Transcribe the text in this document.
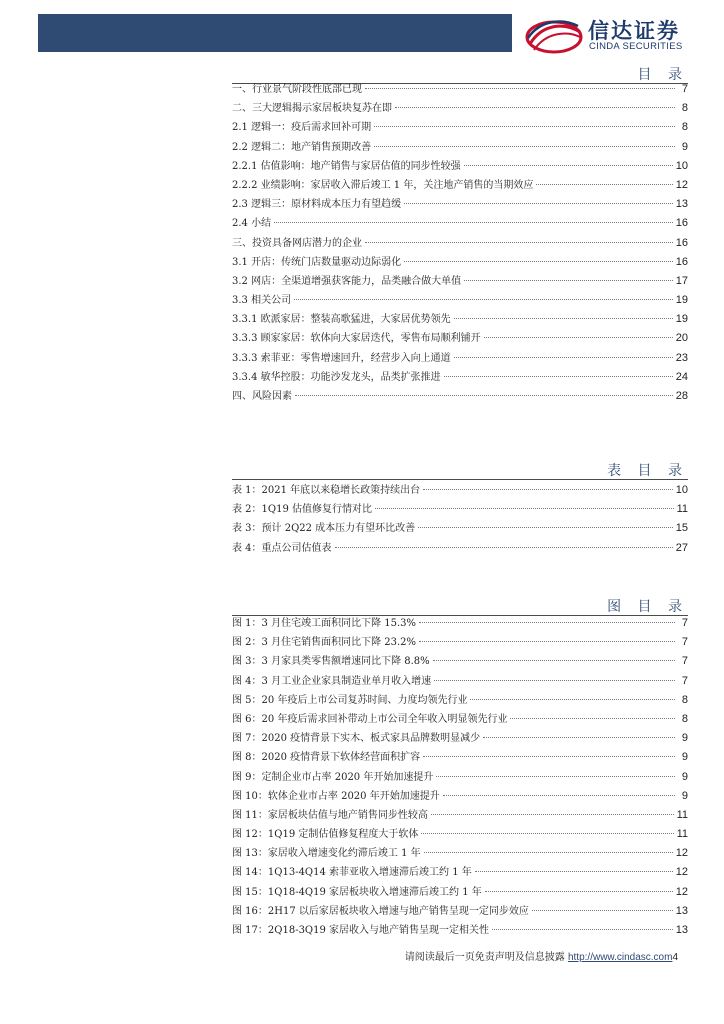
信达证券
CINDA SECURITIES
目 录
一、行业景气阶段性底部已现	7
二、三大逻辑揭示家居板块复苏在即	8
2.1 逻辑一：疫后需求回补可期	8
2.2 逻辑二：地产销售预期改善	9
2.2.1 估值影响：地产销售与家居估值的同步性较强	10
2.2.2 业绩影响：家居收入滞后竣工 1 年，关注地产销售的当期效应	12
2.3 逻辑三：原材料成本压力有望趋缓	13
2.4 小结	16
三、投资具备网店潜力的企业	16
3.1 开店：传统门店数量驱动边际弱化	16
3.2 网店：全渠道增强获客能力，品类融合做大单值	17
3.3 相关公司	19
3.3.1 欧派家居：整装高歌猛进，大家居优势领先	19
3.3.3 顾家家居：软体向大家居迭代，零售布局顺利铺开	20
3.3.3 索菲亚：零售增速回升，经营步入向上通道	23
3.3.4 敏华控股：功能沙发龙头，品类扩张推进	24
四、风险因素	28
表 目 录
表 1：2021 年底以来稳增长政策持续出台	10
表 2：1Q19 估值修复行情对比	11
表 3：预计 2Q22 成本压力有望环比改善	15
表 4：重点公司估值表	27
图 目 录
图 1：3 月住宅竣工面积同比下降 15.3%	7
图 2：3 月住宅销售面积同比下降 23.2%	7
图 3：3 月家具类零售额增速同比下降 8.8%	7
图 4：3 月工业企业家具制造业单月收入增速	7
图 5：20 年疫后上市公司复苏时间、力度均领先行业	8
图 6：20 年疫后需求回补带动上市公司全年收入明显领先行业	8
图 7：2020 疫情背景下实木、板式家具品牌数明显减少	9
图 8：2020 疫情背景下软体经营面积扩容	9
图 9：定制企业市占率 2020 年开始加速提升	9
图 10：软体企业市占率 2020 年开始加速提升	9
图 11：家居板块估值与地产销售同步性较高	11
图 12：1Q19 定制估值修复程度大于软体	11
图 13：家居收入增速变化约滞后竣工 1 年	12
图 14：1Q13-4Q14 索菲亚收入增速滞后竣工约 1 年	12
图 15：1Q18-4Q19 家居板块收入增速滞后竣工约 1 年	12
图 16：2H17 以后家居板块收入增速与地产销售呈现一定同步效应	13
图 17：2Q18-3Q19 家居收入与地产销售呈现一定相关性	13
请阅读最后一页免责声明及信息披露 http://www.cindasc.com4
